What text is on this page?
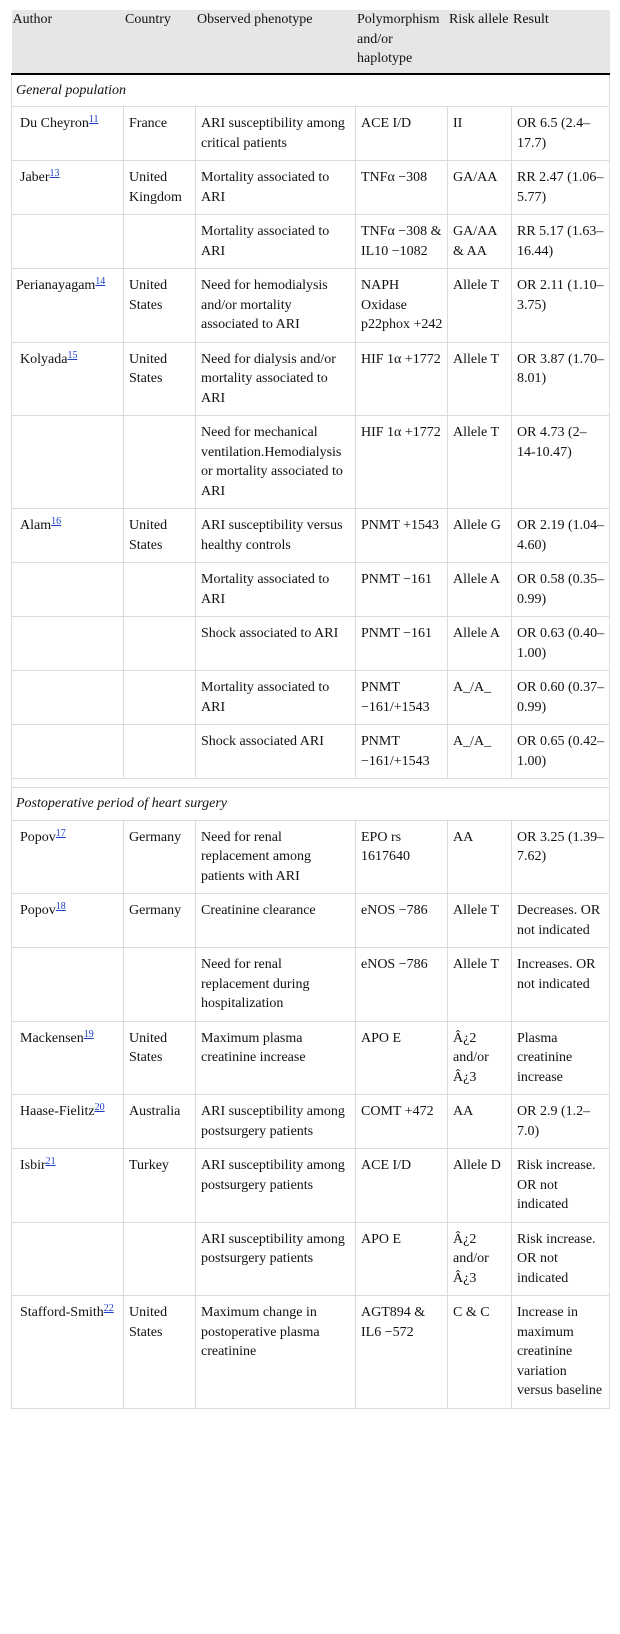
Author	Country	Observed phenotype	Polymorphism and/or haplotype	Risk allele	Result
General population					

Du Cheyron$^{11}$	France	ARI susceptibility among critical patients	ACE I/D	II	OR 6.5 (2.4–17.7)

Jaber$^{13}$	United Kingdom	Mortality associated to ARI	TNFα −308	GA/AA	RR 2.47 (1.06–5.77)

		Mortality associated to ARI	TNFα −308 & IL10 −1082	GA/AA & AA	RR 5.17 (1.63–16.44)

Perianayagam$^{14}$	United States	Need for hemodialysis and/or mortality associated to ARI	NAPH Oxidase p22phox +242	Allele T	OR 2.11 (1.10–3.75)

Kolyada$^{15}$	United States	Need for dialysis and/or mortality associated to ARI	HIF 1α +1772	Allele T	OR 3.87 (1.70–8.01)

		Need for mechanical ventilation.Hemodialysis or mortality associated to ARI	HIF 1α +1772	Allele T	OR 4.73 (2–14-10.47)

Alam$^{16}$	United States	ARI susceptibility versus healthy controls	PNMT +1543	Allele G	OR 2.19 (1.04–4.60)

		Mortality associated to ARI	PNMT −161	Allele A	OR 0.58 (0.35–0.99)

		Shock associated to ARI	PNMT −161	Allele A	OR 0.63 (0.40–1.00)

		Mortality associated to ARI	PNMT −161/+1543	A_/A_	OR 0.60 (0.37–0.99)

		Shock associated ARI	PNMT −161/+1543	A_/A_	OR 0.65 (0.42–1.00)

Postoperative period of heart surgery					

Popov$^{17}$	Germany	Need for renal replacement among patients with ARI	EPO rs 1617640	AA	OR 3.25 (1.39–7.62)

Popov$^{18}$	Germany	Creatinine clearance	eNOS −786	Allele T	Decreases. OR not indicated

		Need for renal replacement during hospitalization	eNOS −786	Allele T	Increases. OR not indicated

Mackensen$^{19}$	United States	Maximum plasma creatinine increase	APO E	Â¿2 and/or Â¿3	Plasma creatinine increase

Haase-Fielitz$^{20}$	Australia	ARI susceptibility among postsurgery patients	COMT +472	AA	OR 2.9 (1.2–7.0)

Isbir$^{21}$	Turkey	ARI susceptibility among postsurgery patients	ACE I/D	Allele D	Risk increase. OR not indicated

		ARI susceptibility among postsurgery patients	APO E	Â¿2 and/or Â¿3	Risk increase. OR not indicated

Stafford-Smith$^{22}$	United States	Maximum change in postoperative plasma creatinine	AGT894 & IL6 −572	C & C	Increase in maximum creatinine variation versus baseline
